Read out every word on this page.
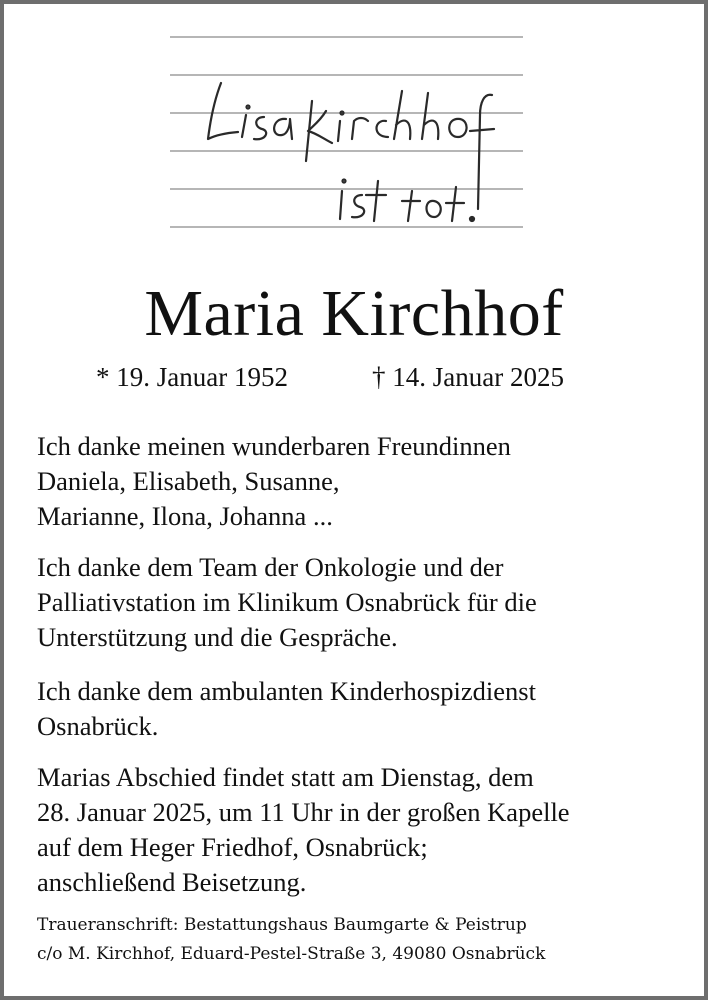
Maria Kirchhof
* 19. Januar 1952	† 14. Januar 2025
Ich danke meinen wunderbaren Freundinnen
Daniela, Elisabeth, Susanne,
Marianne, Ilona, Johanna ...
Ich danke dem Team der Onkologie und der
Palliativstation im Klinikum Osnabrück für die
Unterstützung und die Gespräche.
Ich danke dem ambulanten Kinderhospizdienst
Osnabrück.
Marias Abschied findet statt am Dienstag, dem
28. Januar 2025, um 11 Uhr in der großen Kapelle
auf dem Heger Friedhof, Osnabrück;
anschließend Beisetzung.
Traueranschrift: Bestattungshaus Baumgarte & Peistrup
c/o M. Kirchhof, Eduard-Pestel-Straße 3, 49080 Osnabrück
